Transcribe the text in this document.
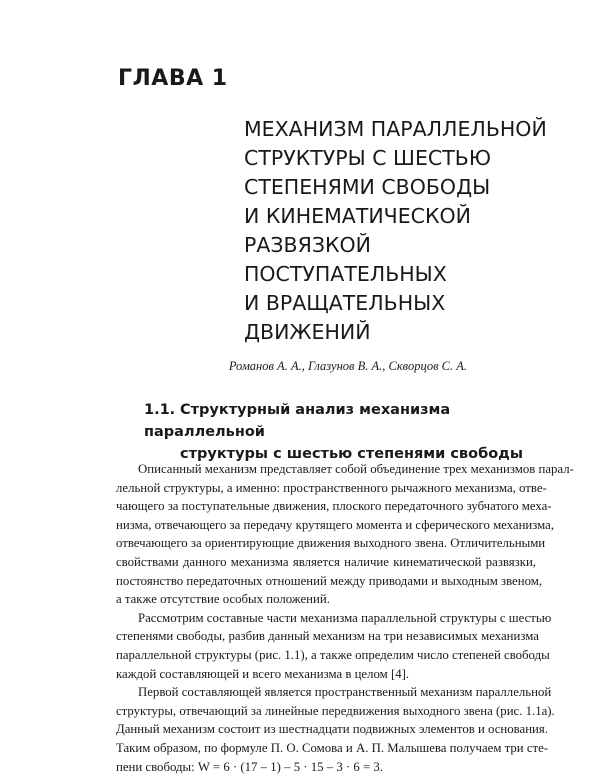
ГЛАВА 1
МЕХАНИЗМ ПАРАЛЛЕЛЬНОЙ
СТРУКТУРЫ С ШЕСТЬЮ
СТЕПЕНЯМИ СВОБОДЫ
И КИНЕМАТИЧЕСКОЙ
РАЗВЯЗКОЙ
ПОСТУПАТЕЛЬНЫХ
И ВРАЩАТЕЛЬНЫХ
ДВИЖЕНИЙ

Романов А. А., Глазунов В. А., Скворцов С. А.

1.1. Структурный анализ механизма параллельной
структуры с шестью степенями свободы
Описанный механизм представляет собой объединение трех механизмов парал-
лельной структуры, а именно: пространственного рычажного механизма, отве-
чающего за поступательные движения, плоского передаточного зубчатого меха-
низма, отвечающего за передачу крутящего момента и сферического механизма,
отвечающего за ориентирующие движения выходного звена. Отличительными
свойствами данного механизма является наличие кинематической развязки,
постоянство передаточных отношений между приводами и выходным звеном,
а также отсутствие особых положений.
Рассмотрим составные части механизма параллельной структуры с шестью
степенями свободы, разбив данный механизм на три независимых механизма
параллельной структуры (рис. 1.1), а также определим число степеней свободы
каждой составляющей и всего механизма в целом [4].
Первой составляющей является пространственный механизм параллельной
структуры, отвечающий за линейные передвижения выходного звена (рис. 1.1а).
Данный механизм состоит из шестнадцати подвижных элементов и основания.
Таким образом, по формуле П. О. Сомова и А. П. Малышева получаем три сте-
пени свободы: W = 6 · (17 – 1) – 5 · 15 – 3 · 6 = 3.
